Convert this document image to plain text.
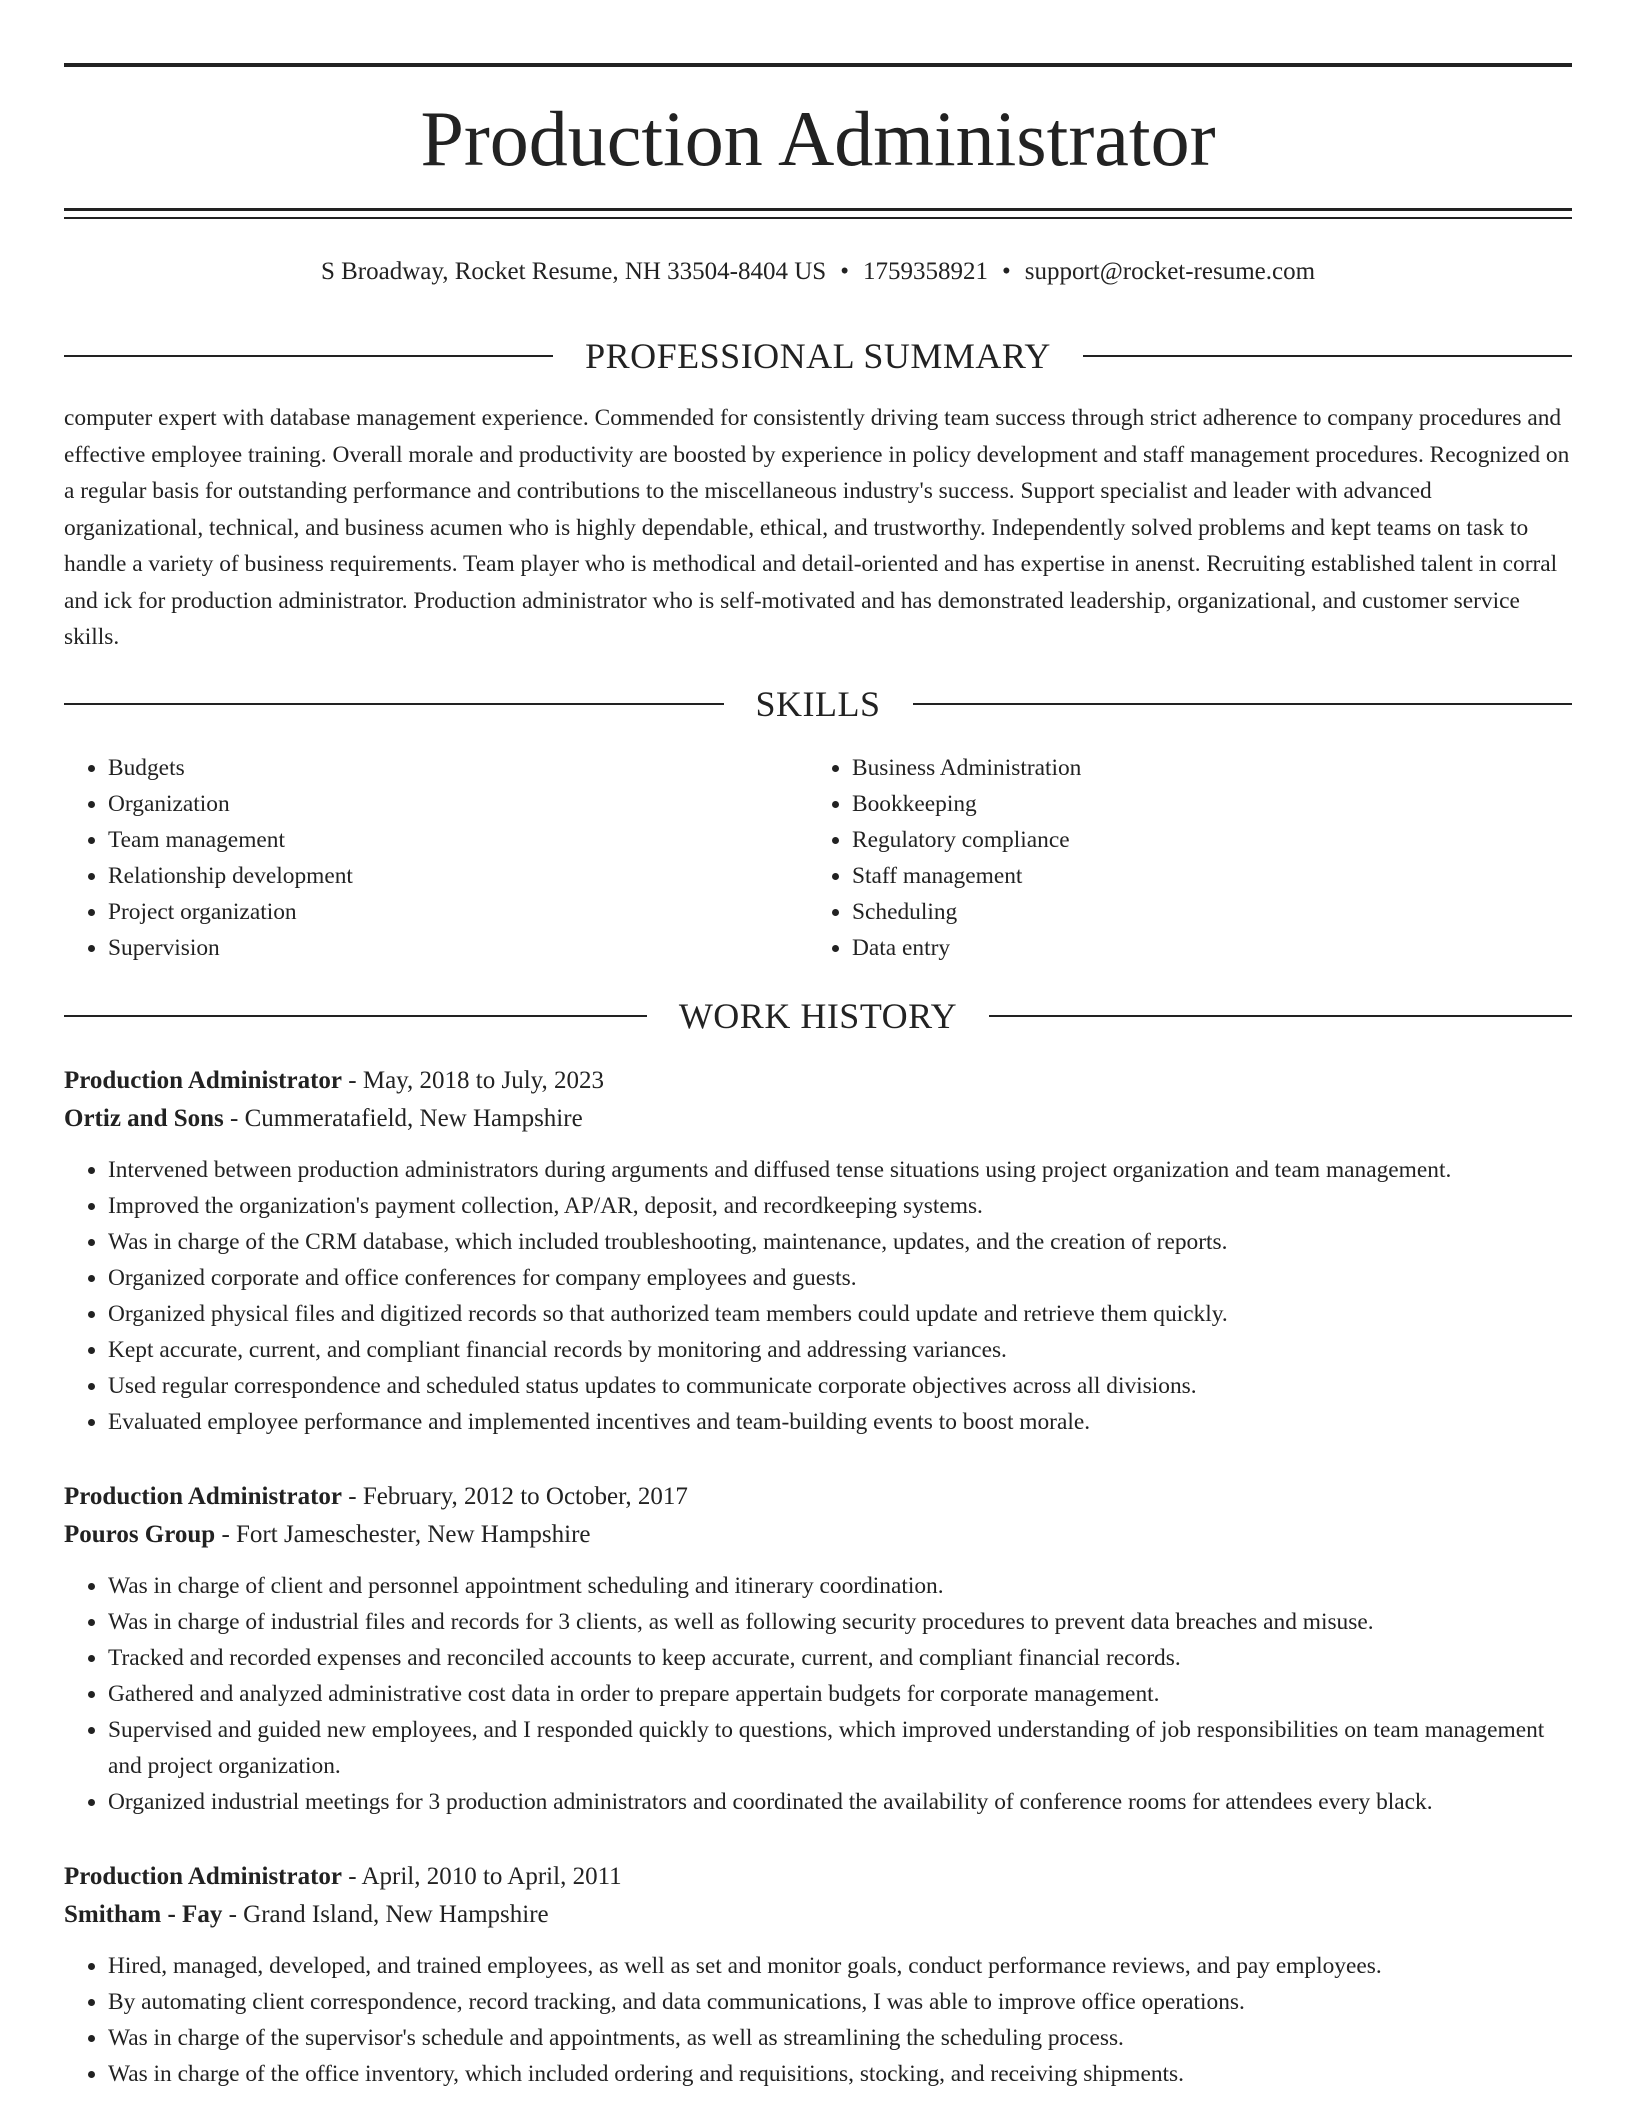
Production Administrator
S Broadway, Rocket Resume, NH 33504-8404 US • 1759358921 • support@rocket-resume.com
PROFESSIONAL SUMMARY

computer expert with database management experience. Commended for consistently driving team success through strict adherence to company procedures and effective employee training. Overall morale and productivity are boosted by experience in policy development and staff management procedures. Recognized on a regular basis for outstanding performance and contributions to the miscellaneous industry's success. Support specialist and leader with advanced organizational, technical, and business acumen who is highly dependable, ethical, and trustworthy. Independently solved problems and kept teams on task to handle a variety of business requirements. Team player who is methodical and detail-oriented and has expertise in anenst. Recruiting established talent in corral and ick for production administrator. Production administrator who is self-motivated and has demonstrated leadership, organizational, and customer service skills.

SKILLS
• Budgets
• Organization
• Team management
• Relationship development
• Project organization
• Supervision
• Business Administration
• Bookkeeping
• Regulatory compliance
• Staff management
• Scheduling
• Data entry
WORK HISTORY
Production Administrator - May, 2018 to July, 2023
Ortiz and Sons - Cummeratafield, New Hampshire
• Intervened between production administrators during arguments and diffused tense situations using project organization and team management.
• Improved the organization's payment collection, AP/AR, deposit, and recordkeeping systems.
• Was in charge of the CRM database, which included troubleshooting, maintenance, updates, and the creation of reports.
• Organized corporate and office conferences for company employees and guests.
• Organized physical files and digitized records so that authorized team members could update and retrieve them quickly.
• Kept accurate, current, and compliant financial records by monitoring and addressing variances.
• Used regular correspondence and scheduled status updates to communicate corporate objectives across all divisions.
• Evaluated employee performance and implemented incentives and team-building events to boost morale.
Production Administrator - February, 2012 to October, 2017
Pouros Group - Fort Jameschester, New Hampshire
• Was in charge of client and personnel appointment scheduling and itinerary coordination.
• Was in charge of industrial files and records for 3 clients, as well as following security procedures to prevent data breaches and misuse.
• Tracked and recorded expenses and reconciled accounts to keep accurate, current, and compliant financial records.
• Gathered and analyzed administrative cost data in order to prepare appertain budgets for corporate management.
• Supervised and guided new employees, and I responded quickly to questions, which improved understanding of job responsibilities on team management and project organization.
• Organized industrial meetings for 3 production administrators and coordinated the availability of conference rooms for attendees every black.
Production Administrator - April, 2010 to April, 2011
Smitham - Fay - Grand Island, New Hampshire
• Hired, managed, developed, and trained employees, as well as set and monitor goals, conduct performance reviews, and pay employees.
• By automating client correspondence, record tracking, and data communications, I was able to improve office operations.
• Was in charge of the supervisor's schedule and appointments, as well as streamlining the scheduling process.
• Was in charge of the office inventory, which included ordering and requisitions, stocking, and receiving shipments.
